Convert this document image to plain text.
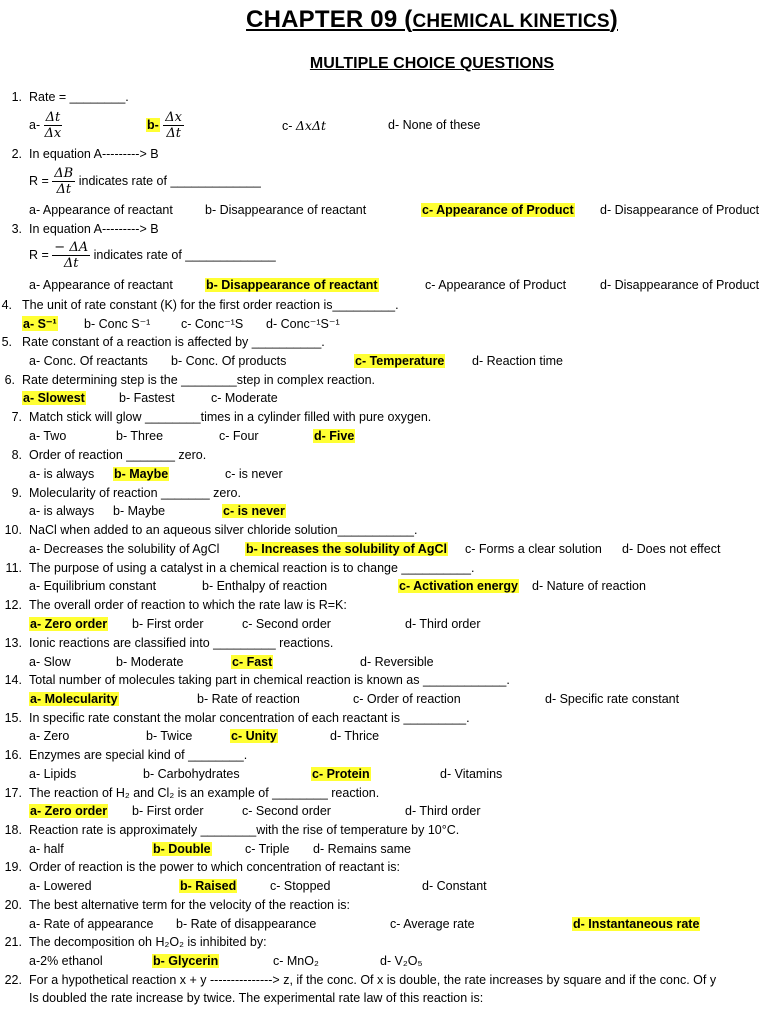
CHAPTER 09 (CHEMICAL KINETICS)
MULTIPLE CHOICE QUESTIONS
1. Rate = ________.
$a- \frac{\Delta t}{\Delta x}$	$b- \frac{\Delta x}{\Delta t}$	c- ΔxΔt	d- None of these
2. In equation A---------> B
$R = \frac{\Delta B}{\Delta t}$ indicates rate of _____________
a- Appearance of reactant	b- Disappearance of reactant	c- Appearance of Product d- Disappearance of Product
3. In equation A---------> B
$R = \frac{- \Delta A}{\Delta t}$ indicates rate of _____________
a- Appearance of reactant	b- Disappearance of reactant	c- Appearance of Product	d- Disappearance of Product
4. The unit of rate constant (K) for the first order reaction is_________.
a- S⁻¹ b- Conc S⁻¹ c- Conc⁻¹S d- Conc⁻¹S⁻¹
5. Rate constant of a reaction is affected by __________.
a- Conc. Of reactants b- Conc. Of products	c- Temperature d- Reaction time
6. Rate determining step is the ________step in complex reaction.
a- Slowest	b- Fastest	c- Moderate
7. Match stick will glow ________times in a cylinder filled with pure oxygen.
a- Two	b- Three	c- Four	d- Five
8. Order of reaction _______ zero.
a- is always b- Maybe	c- is never
9. Molecularity of reaction _______ zero.
a- is always b- Maybe	c- is never
10. NaCl when added to an aqueous silver chloride solution___________.
a- Decreases the solubility of AgCl b- Increases the solubility of AgCl c- Forms a clear solution d- Does not effect
11. The purpose of using a catalyst in a chemical reaction is to change __________.
a- Equilibrium constant	b- Enthalpy of reaction	c- Activation energy d- Nature of reaction
12. The overall order of reaction to which the rate law is R=K:
a- Zero order b- First order	c- Second order	d- Third order
13. Ionic reactions are classified into _________ reactions.
a- Slow	b- Moderate	c- Fast	d- Reversible
14. Total number of molecules taking part in chemical reaction is known as ____________.
a- Molecularity	b- Rate of reaction	c- Order of reaction	d- Specific rate constant
15. In specific rate constant the molar concentration of each reactant is _________.
a- Zero	b- Twice	c- Unity	d- Thrice
16. Enzymes are special kind of ________.
a- Lipids	b- Carbohydrates	c- Protein	d- Vitamins
17. The reaction of H₂ and Cl₂ is an example of ________ reaction.
a- Zero order b- First order	c- Second order	d- Third order
18. Reaction rate is approximately ________with the rise of temperature by 10°C.
a- half	b- Double	c- Triple d- Remains same
19. Order of reaction is the power to which concentration of reactant is:
a- Lowered	b- Raised	c- Stopped	d- Constant
20. The best alternative term for the velocity of the reaction is:
a- Rate of appearance b- Rate of disappearance	c- Average rate	d- Instantaneous rate
21. The decomposition oh H₂O₂ is inhibited by:
a-2% ethanol	b- Glycerin	c- MnO₂	d- V₂O₅
22. For a hypothetical reaction x + y ---------------> z, if the conc. Of x is double, the rate increases by square and if the conc. Of y
Is doubled the rate increase by twice. The experimental rate law of this reaction is:
